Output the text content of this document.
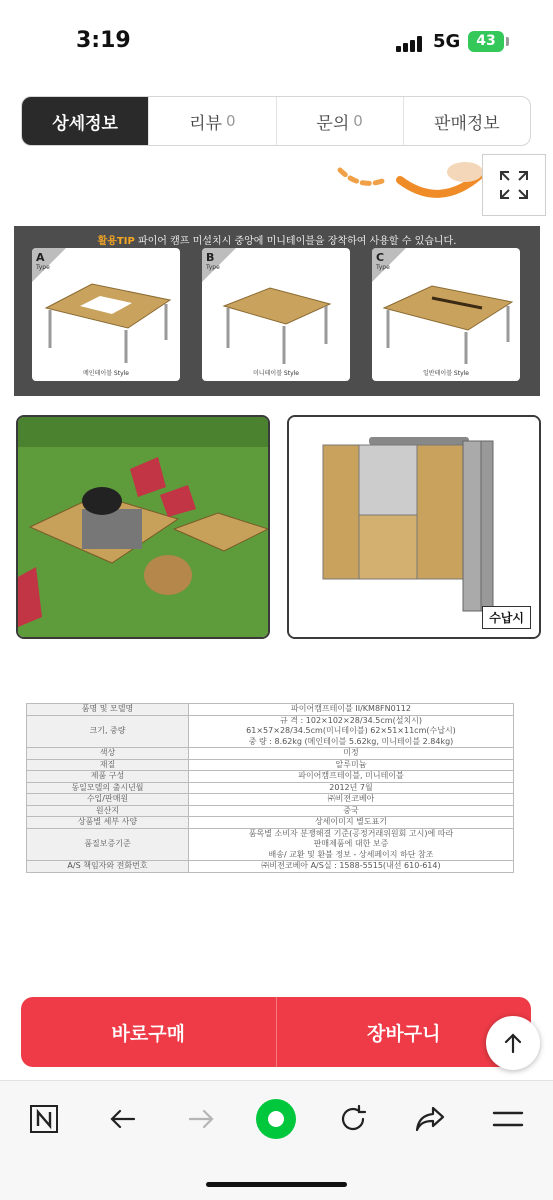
3:19	5G	43
상세정보	리뷰 0	문의 0	판매정보
활용TIP 파이어 캠프 미설치시 중앙에 미니테이블을 장착하여 사용할 수 있습니다.
A
Type
메인테이블 Style
B
Type
미니테이블 Style
C
Type
일반테이블 Style
수납시
품명 및 모델명	파이어캠프테이블 II/KM8FN0112
크기, 중량	규 격 : 102×102×28/34.5cm(설치시)
61×57×28/34.5cm(미니테이블) 62×51×11cm(수납시)
중 량 : 8.62kg (메인테이블 5.62kg, 미니테이블 2.84kg)

색상	미정
재질	알루미늄
제품 구성	파이어캠프테이블, 미니테이블
동일모델의 출시년월	2012년 7월
수입/판매원	㈜비젼코베아
원산지	중국
상품별 세부 사양	상세이미지 별도표기
품질보증기준	품목별 소비자 분쟁해결 기준(공정거래위원회 고시)에 따라
판매제품에 대한 보증
배송/ 교환 및 환불 정보 - 상세페이지 하단 참조

A/S 책임자와 전화번호	㈜비젼코베아 A/S실 : 1588-5515(내선 610-614)
바로구매	장바구니
